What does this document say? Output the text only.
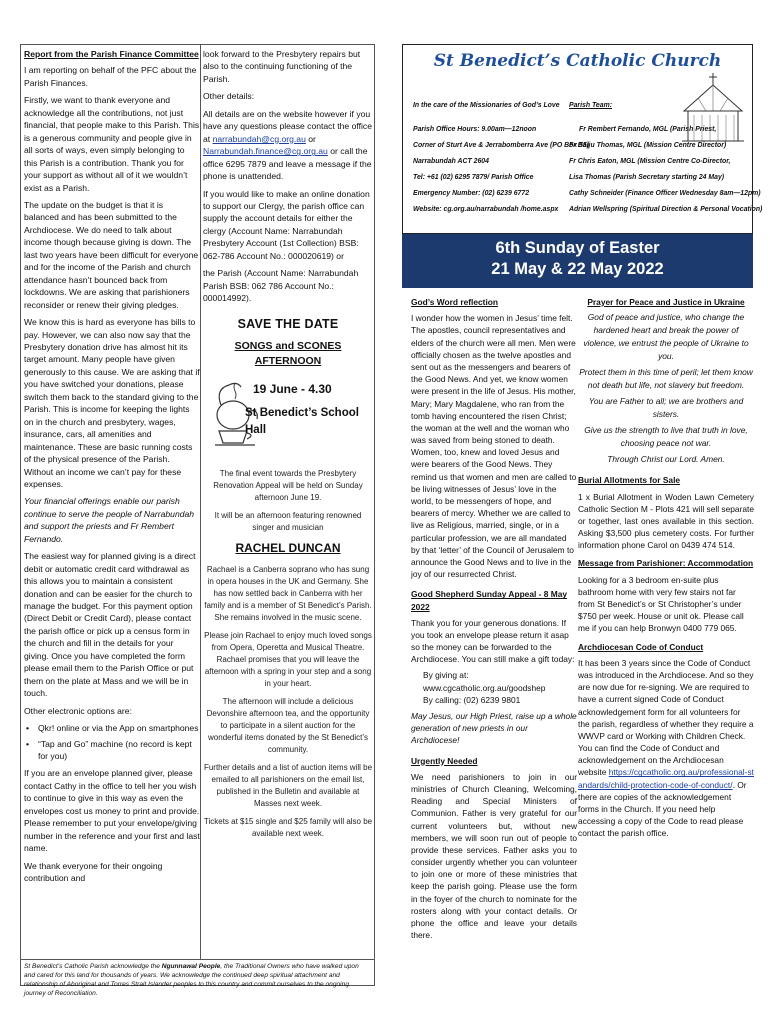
Report from the Parish Finance Committee

I am reporting on behalf of the PFC about the Parish Finances.

Firstly, we want to thank everyone and acknowledge all the contributions, not just financial, that people make to this Parish. This is a generous community and people give in all sorts of ways, even simply belonging to this Parish is a contribution. Thank you for your support as without all of it we wouldn’t exist as a Parish.

The update on the budget is that it is balanced and has been submitted to the Archdiocese. We do need to talk about income though because giving is down. The last two years have been difficult for everyone and for the income of the Parish and church attendance hasn’t bounced back from lockdowns. We are asking that parishioners reconsider or renew their giving pledges.

We know this is hard as everyone has bills to pay. However, we can also now say that the Presbytery donation drive has almost hit its target amount. Many people have given generously to this cause. We are asking that if you have switched your donations, please switch them back to the standard giving to the Parish. This is income for keeping the lights on in the church and presbytery, wages, insurance, cars, all amenities and maintenance. These are basic running costs of the physical presence of the Parish. Without an income we can’t pay for these expenses.

Your financial offerings enable our parish continue to serve the people of Narrabundah and support the priests and Fr Rembert Fernando.

The easiest way for planned giving is a direct debit or automatic credit card withdrawal as this allows you to maintain a consistent donation and can be easier for the church to manage the budget. For this payment option (Direct Debit or Credit Card), please contact the parish office or pick up a census form in the church and fill in the details for your giving. Once you have completed the form please email them to the Parish Office or put them on the plate at Mass and we will be in touch.

Other electronic options are:

• Qkr! online or via the App on smartphones
• “Tap and Go” machine (no record is kept for you)

If you are an envelope planned giver, please contact Cathy in the office to tell her you wish to continue to give in this way as even the envelopes cost us money to print and provide. Please remember to put your envelope/giving number in the reference and your first and last name.

We thank everyone for their ongoing contribution and

look forward to the Presbytery repairs but also to the continuing functioning of the Parish.

Other details:

All details are on the website however if you have any questions please contact the office at narrabundah@cg.org.au or Narrabundah.finance@cg.org.au or call the office 6295 7879 and leave a message if the phone is unattended.

If you would like to make an online donation to support our Clergy, the parish office can supply the account details for either the clergy (Account Name: Narrabundah Presbytery Account (1st Collection) BSB: 062-786 Account No.: 000020619) or

the Parish (Account Name: Narrabundah Parish BSB: 062 786 Account No.: 000014992).

SAVE THE DATE
SONGS and SCONES AFTERNOON
19 June - 4.30
St Benedict’s School Hall
The final event towards the Presbytery Renovation Appeal will be held on Sunday afternoon June 19.
It will be an afternoon featuring renowned singer and musician
RACHEL DUNCAN
Rachael is a Canberra soprano who has sung in opera houses in the UK and Germany. She has now settled back in Canberra with her family and is a member of St Benedict’s Parish. She remains involved in the music scene.
Please join Rachael to enjoy much loved songs from Opera, Operetta and Musical Theatre. Rachael promises that you will leave the afternoon with a spring in your step and a song in your heart.
The afternoon will include a delicious Devonshire afternoon tea, and the opportunity to participate in a silent auction for the wonderful items donated by the St Benedict’s community.
Further details and a list of auction items will be emailed to all parishioners on the email list, published in the Bulletin and available at Masses next week.
Tickets at $15 single and $25 family will also be available next week.
St Benedict’s Catholic Parish acknowledge the Ngunnawal People, the Traditional Owners who have walked upon and cared for this land for thousands of years. We acknowledge the continued deep spiritual attachment and relationship of Aboriginal and Torres Strait Islander peoples to this country and commit ourselves to the ongoing journey of Reconciliation.
St Benedict’s Catholic Church
In the care of the Missionaries of God’s Love Parish Team:
Parish Office Hours: 9.00am—12noon
Corner of Sturt Ave & Jerrabomberra Ave (PO Box 55)
Narrabundah ACT 2604
Tel: +61 (02) 6295 7879/ Parish Office
Emergency Number: (02) 6239 6772
Website: cg.org.au/narrabundah /home.aspx
Fr Rembert Fernando, MGL (Parish Priest,
Fr Baiju Thomas, MGL (Mission Centre Director)
Fr Chris Eaton, MGL (Mission Centre Co-Director,
Lisa Thomas (Parish Secretary starting 24 May)
Cathy Schneider (Finance Officer Wednesday 8am—12pm)
Adrian Wellspring (Spiritual Direction & Personal Vocation)
6th Sunday of Easter
21 May & 22 May 2022
God’s Word reflection

I wonder how the women in Jesus’ time felt. The apostles, council representatives and elders of the church were all men. Men were officially chosen as the twelve apostles and sent out as the messengers and bearers of the Good News. And yet, we know women were present in the life of Jesus. His mother, Mary; Mary Magdalene, who ran from the tomb having encountered the risen Christ; the woman at the well and the woman who was saved from being stoned to death. Women, too, knew and loved Jesus and were bearers of the Good News. They remind us that women and men are called to be living witnesses of Jesus’ love in the world, to be messengers of hope, and bearers of mercy. Whether we are called to live as Religious, married, single, or in a particular profession, we are all mandated by that ‘letter’ of the Council of Jerusalem to announce the Good News and to live in the joy of our resurrected Christ.

Good Shepherd Sunday Appeal - 8 May 2022

Thank you for your generous donations. If you took an envelope please return it asap so the money can be forwarded to the Archdiocese. You can still make a gift today:

By giving at: www.cgcatholic.org.au/goodshep

By calling: (02) 6239 9801

May Jesus, our High Priest, raise up a whole generation of new priests in our Archdiocese!

Urgently Needed

We need parishioners to join in our ministries of Church Cleaning, Welcoming, Reading and Special Ministers of Communion. Father is very grateful for our current volunteers but, without new members, we will soon run out of people to provide these services. Father asks you to consider urgently whether you can volunteer to join one or more of these ministries that keep the parish going. Please use the form in the foyer of the church to nominate for the rosters along with your contact details. Or phone the office and leave your details there.

Prayer for Peace and Justice in Ukraine

God of peace and justice, who change the hardened heart and break the power of violence, we entrust the people of Ukraine to you.

Protect them in this time of peril; let them know not death but life, not slavery but freedom.

You are Father to all; we are brothers and sisters.

Give us the strength to live that truth in love, choosing peace not war.

Through Christ our Lord. Amen.

Burial Allotments for Sale

1 x Burial Allotment in Woden Lawn Cemetery Catholic Section M - Plots 421 will sell separate or together, last ones available in this section. Asking $3,500 plus cemetery costs. For further information phone Carol on 0439 474 514.

Message from Parishioner: Accommodation

Looking for a 3 bedroom en-suite plus bathroom home with very few stairs not far from St Benedict’s or St Christopher’s under $750 per week. House or unit ok. Please call me if you can help Bronwyn 0400 779 065.

Archdiocesan Code of Conduct

It has been 3 years since the Code of Conduct was introduced in the Archdiocese. And so they are now due for re-signing. We are required to have a current signed Code of Conduct acknowledgement form for all volunteers for the parish, regardless of whether they require a WWVP card or Working with Children Check. You can find the Code of Conduct and acknowledgement on the Archdiocesan website https://cgcatholic.org.au/professional-standards/child-protection-code-of-conduct/. Or there are copies of the acknowledgement forms in the Church. If you need help accessing a copy of the Code to read please contact the parish office.
